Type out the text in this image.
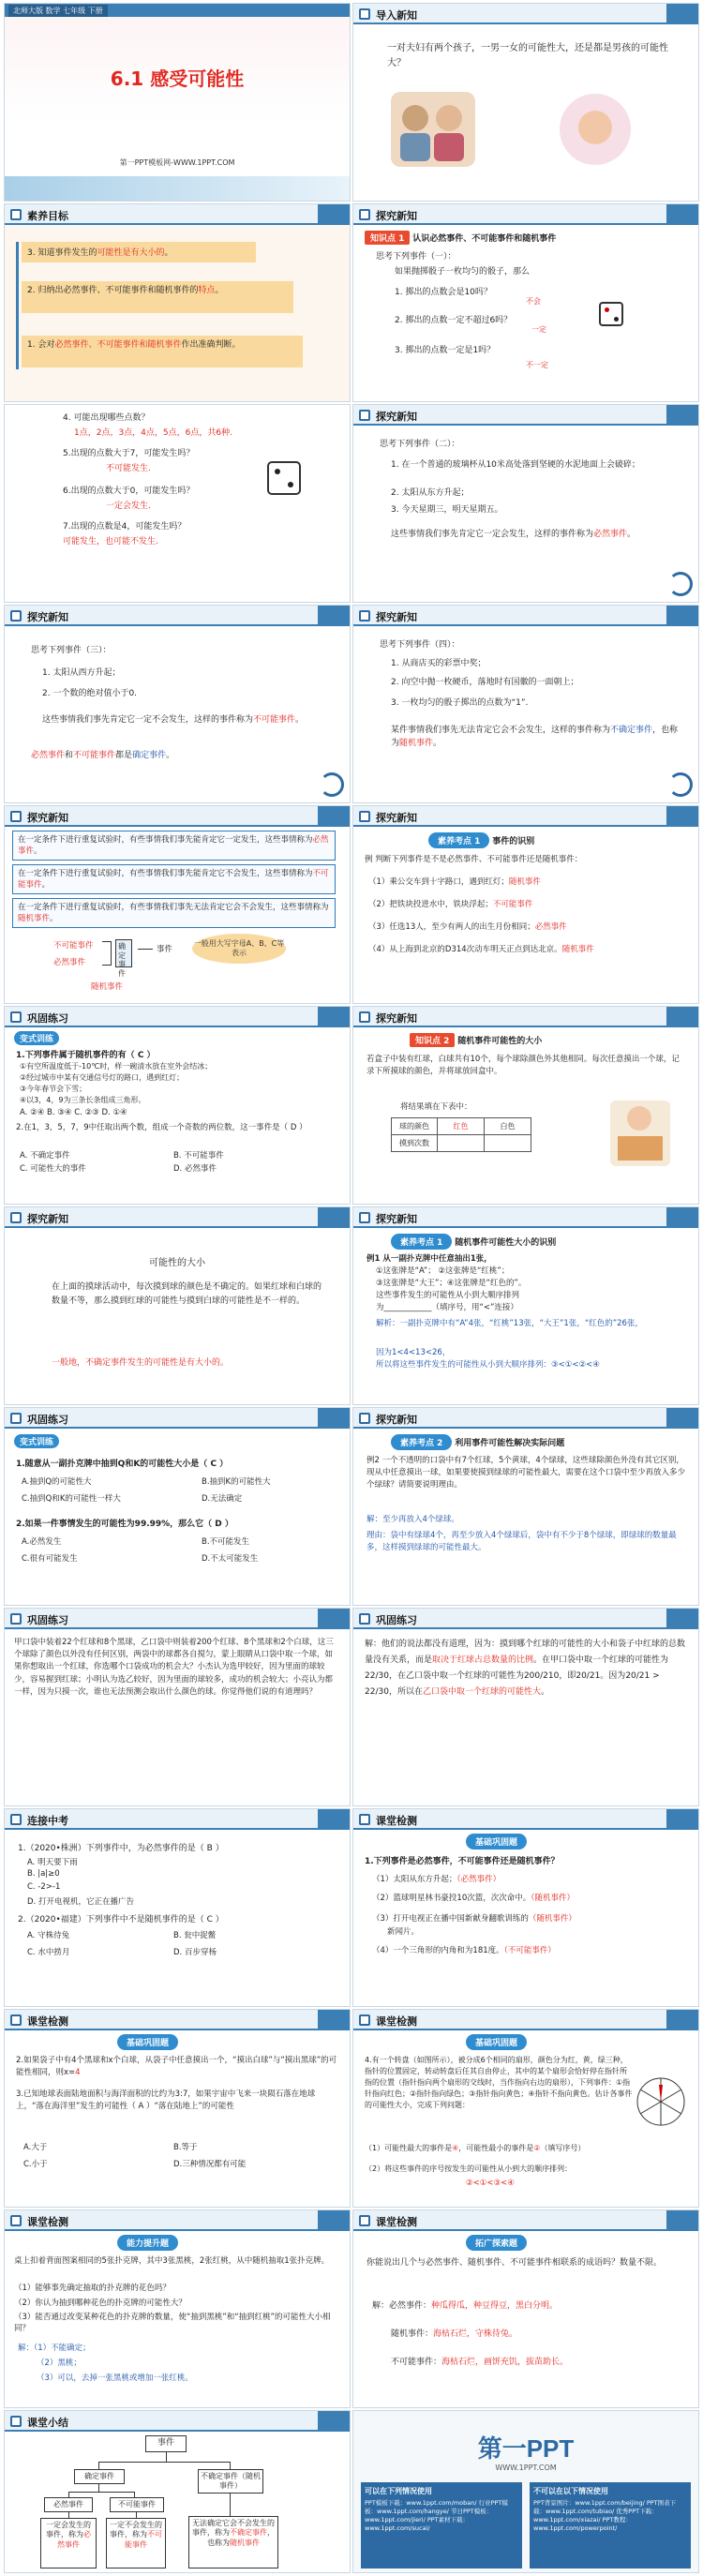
北师大版 数学 七年级 下册
6.1 感受可能性
第一PPT模板网-WWW.1PPT.COM
导入新知
一对夫妇有两个孩子，一男一女的可能性大，还是都是男孩的可能性大？
素养目标
3. 知道事件发生的可能性是有大小的。
2. 归纳出必然事件、不可能事件和随机事件的特点。
1. 会对必然事件、不可能事件和随机事件作出准确判断。
探究新知
知识点 1 认识必然事件、不可能事件和随机事件
思考下列事件（一）：
如果抛掷骰子一枚均匀的骰子，那么
1. 掷出的点数会是10吗？
不会
2. 掷出的点数一定不超过6吗？
一定
3. 掷出的点数一定是1吗？
不一定
4. 可能出现哪些点数？
1点，2点，3点，4点，5点，6点，共6种.
5.出现的点数大于7，可能发生吗？
不可能发生.
6.出现的点数大于0，可能发生吗？
一定会发生.
7.出现的点数是4，可能发生吗？
可能发生，也可能不发生.
探究新知
思考下列事件（二）：
1. 在一个普通的玻璃杯从10米高处落到坚硬的水泥地面上会破碎；
2. 太阳从东方升起；
3. 今天星期三，明天星期五。
这些事情我们事先肯定它一定会发生，这样的事件称为必然事件。
探究新知
思考下列事件（三）：
1. 太阳从西方升起；
2. 一个数的绝对值小于0.
这些事情我们事先肯定它一定不会发生，这样的事件称为不可能事件。
必然事件和不可能事件都是确定事件。
探究新知
思考下列事件（四）：
1. 从商店买的彩票中奖；
2. 向空中抛一枚硬币，落地时有国徽的一面朝上；
3. 一枚均匀的骰子掷出的点数为“1”.
某件事情我们事先无法肯定它会不会发生，这样的事件称为不确定事件，也称为随机事件。
探究新知
在一定条件下进行重复试验时，有些事情我们事先能肯定它一定发生，这些事情称为必然事件。
在一定条件下进行重复试验时，有些事情我们事先能肯定它不会发生，这些事情称为不可能事件。
在一定条件下进行重复试验时，有些事情我们事先无法肯定它会不会发生，这些事情称为随机事件。
不可能事件
必然事件
确定事件
事件
随机事件
一般用大写字母A、B、C等表示
探究新知
素养考点 1 事件的识别
例 判断下列事件是不是必然事件、不可能事件还是随机事件：
（1）乘公交车到十字路口，遇到红灯；随机事件
（2）把铁块投进水中，铁块浮起；不可能事件
（3）任选13人，至少有两人的出生月份相同；必然事件
（4）从上海到北京的D314次动车明天正点到达北京。随机事件
巩固练习
变式训练
1.下列事件属于随机事件的有（ C ）
①有空所温度低于-10℃时，样一碗清水放在室外会结冰；
②经过城市中某有交通信号灯的路口，遇到红灯；
③今年春节会下雪；
④以3，4，9为三条长条组成三角形。
A. ②④ B. ③④ C. ②③ D. ①④
2.在1，3，5，7，9中任取出两个数，组成一个奇数的两位数，这一事件是（ D ）
A. 不确定事件	B. 不可能事件
C. 可能性大的事件	D. 必然事件
探究新知
知识点 2 随机事件可能性的大小
若盒子中装有红球，白球共有10个，每个球除颜色外其他相同。每次任意摸出一个球，记录下所摸球的颜色，并将球放回盒中。
将结果填在下表中：
球的颜色	红色	白色
摸到次数		
探究新知
可能性的大小
在上面的摸球活动中，每次摸到球的颜色是不确定的。如果红球和白球的数量不等，那么摸到红球的可能性与摸到白球的可能性是不一样的。
一般地，不确定事件发生的可能性是有大小的。
探究新知
素养考点 1 随机事件可能性大小的识别
例1 从一副扑克牌中任意抽出1张，
①这张牌是“A”； ②这张牌是“红桃”；
③这张牌是“大王”；④这张牌是“红色的”。
这些事件发生的可能性从小到大顺序排列
为____________（填序号，用“<”连接）
解析：一副扑克牌中有“A”4张，“红桃”13张，“大王”1张，“红色的”26张，
因为1<4<13<26，
所以将这些事件发生的可能性从小到大顺序排列：③<①<②<④
巩固练习
变式训练
1.随意从一副扑克牌中抽到Q和K的可能性大小是（ C ）
A.抽到Q的可能性大	B.抽到K的可能性大
C.抽到Q和K的可能性一样大	D.无法确定
2.如果一件事情发生的可能性为99.99%，那么它（ D ）
A.必然发生	B.不可能发生
C.很有可能发生	D.不太可能发生
探究新知
素养考点 2 利用事件可能性解决实际问题
例2 一个不透明的口袋中有7个红球，5个黄球，4个绿球，这些球除颜色外没有其它区别，现从中任意摸出一球，如果要使摸到绿球的可能性最大，需要在这个口袋中至少再放入多少个绿球？请简要说明理由。
解：至少再放入4个绿球。
理由：袋中有绿球4个，再至少放入4个绿球后，袋中有不少于8个绿球，即绿球的数量最多，这样摸到绿球的可能性最大。
巩固练习
甲口袋中装着22个红球和8个黑球，乙口袋中则装着200个红球、8个黑球和2个白球，这三个球除了颜色以外没有任何区别，两袋中的球都各自搅匀，蒙上眼睛从口袋中取一个球，如果你想取出一个红球，你选哪个口袋成功的机会大？小杰认为选甲较好，因为里面的球较少，容易握到红球；小明认为选乙较好，因为里面的球较多，成功的机会较大；小亮认为都一样，因为只摸一次，谁也无法预测会取出什么颜色的球。你觉得他们说的有道理吗？
巩固练习
解：他们的说法都没有道理，因为：摸到哪个红球的可能性的大小和袋子中红球的总数量没有关系，而是取决于红球占总数量的比例。在甲口袋中取一个红球的可能性为22/30，在乙口袋中取一个红球的可能性为200/210，即20/21。因为20/21 > 22/30，所以在乙口袋中取一个红球的可能性大。
连接中考
1.（2020•株洲）下列事件中，为必然事件的是（ B ）
A. 明天要下雨
B. |a|≥0
C. -2>-1
D. 打开电视机，它正在播广告
2.（2020•福建）下列事件中不是随机事件的是（ C ）
A. 守株待兔	B. 瓮中捉鳖
C. 水中捞月	D. 百步穿杨
课堂检测
基础巩固题
1.下列事件是必然事件，不可能事件还是随机事件？
（1）太阳从东方升起；（必然事件）
（2）篮球明星林书豪投10次篮，次次命中。（随机事件）
（3）打开电视正在播中国新献身翻歌训练的（随机事件）
新闻片。
（4）一个三角形的内角和为181度。（不可能事件）
课堂检测
基础巩固题
2.如果袋子中有4个黑球和x个白球，从袋子中任意摸出一个，“摸出白球”与“摸出黑球”的可能性相同，则x=4
3.已知地球表面陆地面积与海洋面积的比约为3:7，如果宇宙中飞来一块陨石落在地球上，“落在海洋里”发生的可能性（ A ）“落在陆地上”的可能性
A.大于	B.等于
C.小于	D.三种情况都有可能
课堂检测
基础巩固题
4.有一个转盘（如图所示），被分成6个相同的扇形，颜色分为红，黄，绿三种，指针的位置固定，转动转盘后任其自由停止，其中的某个扇形会恰好停在指针所指的位置（指针指向两个扇形的交线时，当作指向右边的扇形），下列事件：①指针指向红色；②指针指向绿色；③指针指向黄色；④指针不指向黄色。估计各事件的可能性大小，完成下列问题：
（1）可能性最大的事件是④，可能性最小的事件是②（填写序号）
（2）将这些事件的序号按发生的可能性从小到大的顺序排列：
②<①<③<④
课堂检测
能力提升题
桌上扣着背面图案相同的5张扑克牌，其中3张黑桃，2张红桃，从中随机抽取1张扑克牌。
（1）能够事先确定抽取的扑克牌的花色吗？
（2）你认为抽到哪种花色的扑克牌的可能性大？
（3）能否通过改变某种花色的扑克牌的数量，使“抽到黑桃”和“抽到红桃”的可能性大小相同？
解：（1）不能确定；
（2）黑桃；
（3）可以，去掉一张黑桃或增加一张红桃。
课堂检测
拓广探索题
你能说出几个与必然事件、随机事件、不可能事件相联系的成语吗？数量不限。
解：必然事件：种瓜得瓜，种豆得豆，黑白分明。
随机事件：海枯石烂，守株待兔。
不可能事件：海枯石烂，画饼充饥，拔苗助长。
课堂小结
事件
确定事件	不确定事件（随机事件）
必然事件	不可能事件
一定会发生的事件，称为必然事件
一定不会发生的事件，称为不可能事件
无法确定它会不会发生的事件，称为不确定事件，也称为随机事件
第一PPT
WWW.1PPT.COM
可以在下列情况使用
PPT模板下载：www.1ppt.com/moban/ 行业PPT模板：www.1ppt.com/hangye/ 节日PPT模板：www.1ppt.com/jieri/ PPT素材下载：www.1ppt.com/sucai/
不可以在以下情况使用
PPT背景图片：www.1ppt.com/beijing/ PPT图表下载：www.1ppt.com/tubiao/ 优秀PPT下载：www.1ppt.com/xiazai/ PPT教程：www.1ppt.com/powerpoint/
